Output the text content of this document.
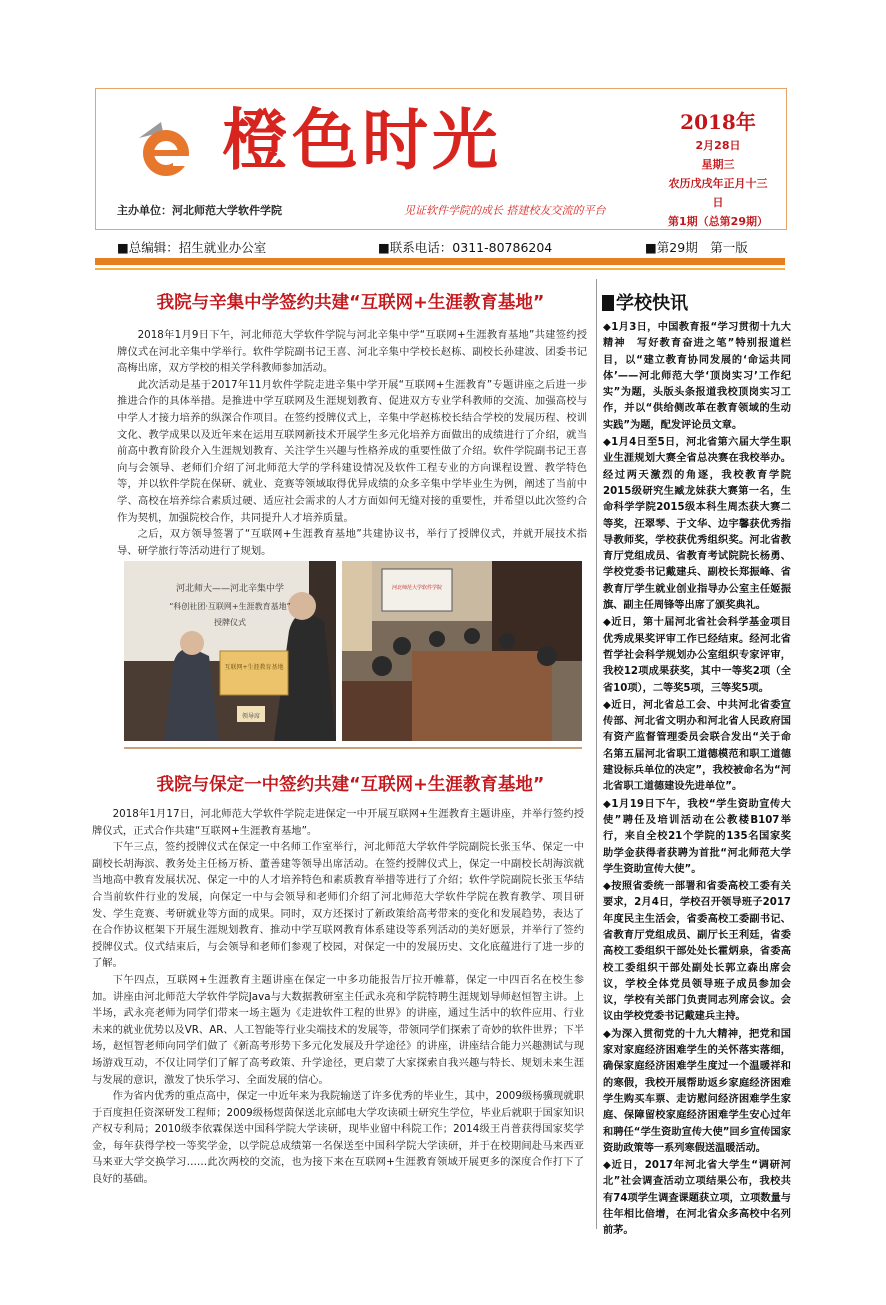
橙色时光
主办单位：河北师范大学软件学院	见证软件学院的成长 搭建校友交流的平台
2018年
2月28日
星期三
农历戊戌年正月十三日
第1期（总第29期）
■总编辑：招生就业办公室	■联系电话：0311-80786204	■第29期　第一版
我院与辛集中学签约共建“互联网+生涯教育基地”

2018年1月9日下午，河北师范大学软件学院与河北辛集中学“互联网+生涯教育基地”共建签约授牌仪式在河北辛集中学举行。软件学院副书记王喜、河北辛集中学校长赵栋、副校长孙建波、团委书记高梅出席，双方学校的相关学科教师参加活动。

此次活动是基于2017年11月软件学院走进辛集中学开展“互联网+生涯教育”专题讲座之后进一步推进合作的具体举措。是推进中学互联网及生涯规划教育、促进双方专业学科教师的交流、加强高校与中学人才接力培养的纵深合作项目。在签约授牌仪式上，辛集中学赵栋校长结合学校的发展历程、校训文化、教学成果以及近年来在运用互联网新技术开展学生多元化培养方面做出的成绩进行了介绍，就当前高中教育阶段介入生涯规划教育、关注学生兴趣与性格养成的重要性做了介绍。软件学院副书记王喜向与会领导、老师们介绍了河北师范大学的学科建设情况及软件工程专业的方向课程设置、教学特色等，并以软件学院在保研、就业、竞赛等领域取得优异成绩的众多辛集中学毕业生为例，阐述了当前中学、高校在培养综合素质过硬、适应社会需求的人才方面如何无缝对接的重要性，并希望以此次签约合作为契机，加强院校合作，共同提升人才培养质量。

之后，双方领导签署了“互联网+生涯教育基地”共建协议书，举行了授牌仪式，并就开展技术指导、研学旅行等活动进行了规划。

河北师大——河北辛集中学
“科创社团·互联网+生涯教育基地”
授牌仪式
互联网+生涯教育基地
领导席
河北师范大学软件学院
我院与保定一中签约共建“互联网+生涯教育基地”

2018年1月17日，河北师范大学软件学院走进保定一中开展互联网+生涯教育主题讲座，并举行签约授牌仪式，正式合作共建“互联网+生涯教育基地”。

下午三点，签约授牌仪式在保定一中名师工作室举行，河北师范大学软件学院副院长张玉华、保定一中副校长胡海滨、教务处主任杨万桥、董善建等领导出席活动。在签约授牌仪式上，保定一中副校长胡海滨就当地高中教育发展状况、保定一中的人才培养特色和素质教育举措等进行了介绍；软件学院副院长张玉华结合当前软件行业的发展，向保定一中与会领导和老师们介绍了河北师范大学软件学院在教育教学、项目研发、学生竞赛、考研就业等方面的成果。同时，双方还探讨了新政策给高考带来的变化和发展趋势，表达了在合作协议框架下开展生涯规划教育、推动中学互联网教育体系建设等系列活动的美好愿景，并举行了签约授牌仪式。仪式结束后，与会领导和老师们参观了校园，对保定一中的发展历史、文化底蕴进行了进一步的了解。

下午四点，互联网+生涯教育主题讲座在保定一中多功能报告厅拉开帷幕，保定一中四百名在校生参加。讲座由河北师范大学软件学院Java与大数据教研室主任武永亮和学院特聘生涯规划导师赵恒智主讲。上半场，武永亮老师为同学们带来一场主题为《走进软件工程的世界》的讲座，通过生活中的软件应用、行业未来的就业优势以及VR、AR、人工智能等行业尖端技术的发展等，带领同学们探索了奇妙的软件世界；下半场，赵恒智老师向同学们做了《新高考形势下多元化发展及升学途径》的讲座，讲座结合能力兴趣测试与现场游戏互动，不仅让同学们了解了高考政策、升学途径，更启蒙了大家探索自我兴趣与特长、规划未来生涯与发展的意识，激发了快乐学习、全面发展的信心。

作为省内优秀的重点高中，保定一中近年来为我院输送了许多优秀的毕业生，其中，2009级杨骥现就职于百度担任资深研发工程师；2009级杨煜茵保送北京邮电大学攻读硕士研究生学位，毕业后就职于国家知识产权专利局；2010级李依霖保送中国科学院大学读研，现毕业留中科院工作；2014级王肖普获得国家奖学金，每年获得学校一等奖学金，以学院总成绩第一名保送至中国科学院大学读研，并于在校期间赴马来西亚马来亚大学交换学习……此次两校的交流，也为接下来在互联网+生涯教育领域开展更多的深度合作打下了良好的基础。

学校快讯

◆1月3日，中国教育报“学习贯彻十九大精神　写好教育奋进之笔”特别报道栏目，以“建立教育协同发展的‘命运共同体’——河北师范大学‘顶岗实习’工作纪实”为题，头版头条报道我校顶岗实习工作，并以“供给侧改革在教育领域的生动实践”为题，配发评论员文章。

◆1月4日至5日，河北省第六届大学生职业生涯规划大赛全省总决赛在我校举办。经过两天激烈的角逐，我校教育学院2015级研究生臧龙妹获大赛第一名，生命科学学院2015级本科生周杰获大赛二等奖，汪翠琴、于文华、边宇馨获优秀指导教师奖，学校获优秀组织奖。河北省教育厅党组成员、省教育考试院院长杨勇、学校党委书记戴建兵、副校长郑振峰、省教育厅学生就业创业指导办公室主任姬振旗、副主任周锋等出席了颁奖典礼。

◆近日，第十届河北省社会科学基金项目优秀成果奖评审工作已经结束。经河北省哲学社会科学规划办公室组织专家评审，我校12项成果获奖，其中一等奖2项（全省10项），二等奖5项，三等奖5项。

◆近日，河北省总工会、中共河北省委宣传部、河北省文明办和河北省人民政府国有资产监督管理委员会联合发出“关于命名第五届河北省职工道德模范和职工道德建设标兵单位的决定”，我校被命名为“河北省职工道德建设先进单位”。

◆1月19日下午，我校“学生资助宣传大使”聘任及培训活动在公教楼B107举行，来自全校21个学院的135名国家奖助学金获得者获聘为首批“河北师范大学学生资助宣传大使”。

◆按照省委统一部署和省委高校工委有关要求，2月4日，学校召开领导班子2017年度民主生活会，省委高校工委副书记、省教育厅党组成员、副厅长王利廷，省委高校工委组织干部处处长霍炳泉，省委高校工委组织干部处副处长郭立森出席会议，学校全体党员领导班子成员参加会议，学校有关部门负责同志列席会议。会议由学校党委书记戴建兵主持。

◆为深入贯彻党的十九大精神，把党和国家对家庭经济困难学生的关怀落实落细，确保家庭经济困难学生度过一个温暖祥和的寒假，我校开展帮助返乡家庭经济困难学生购买车票、走访慰问经济困难学生家庭、保障留校家庭经济困难学生安心过年和聘任“学生资助宣传大使”回乡宣传国家资助政策等一系列寒假送温暖活动。

◆近日，2017年河北省大学生“调研河北”社会调查活动立项结果公布，我校共有74项学生调查课题获立项，立项数量与往年相比倍增，在河北省众多高校中名列前茅。
